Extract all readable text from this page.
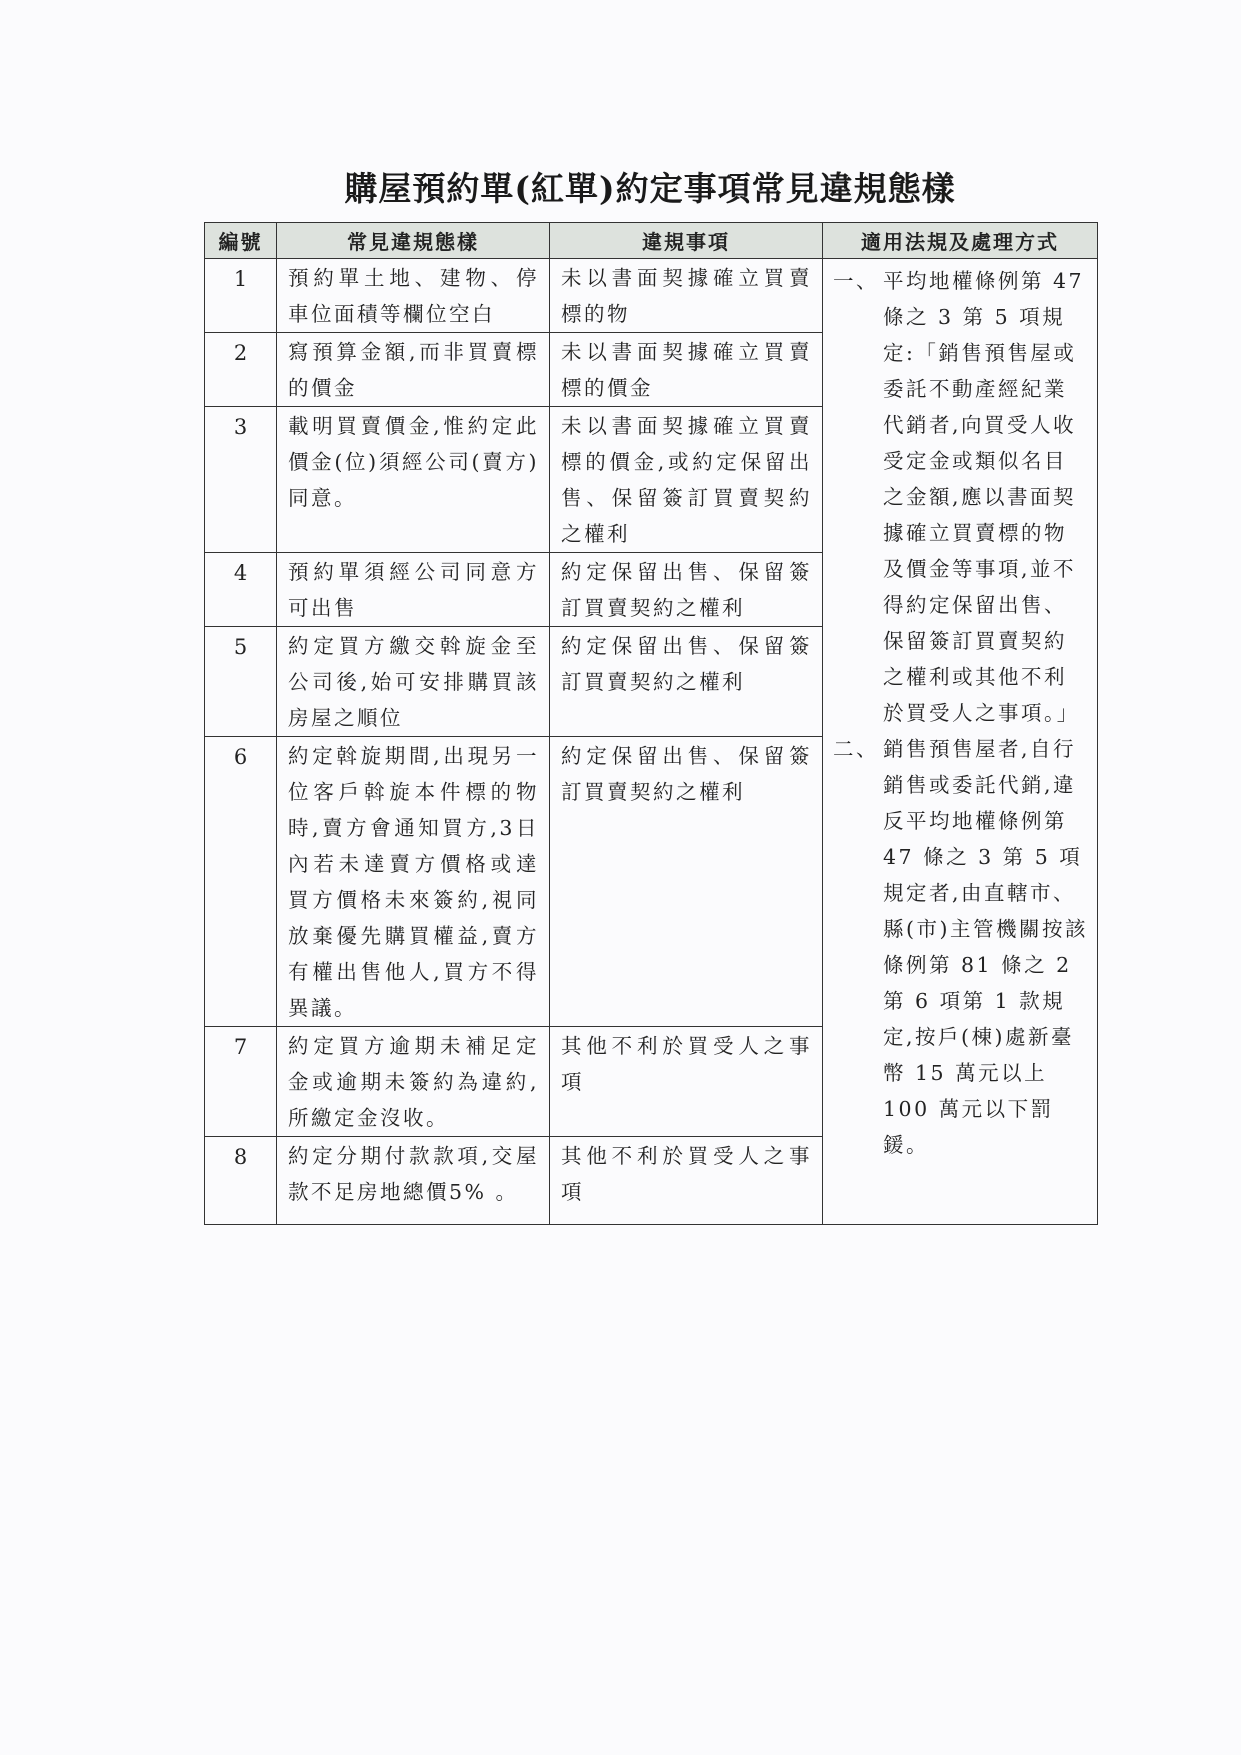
購屋預約單(紅單)約定事項常見違規態樣
編號	常見違規態樣	違規事項	適用法規及處理方式
1	預約單土地、建物、停車位面積等欄位空白	未以書面契據確立買賣標的物	一、 平均地權條例第 47 條之 3 第 5 項規定:「銷售預售屋或委託不動產經紀業代銷者,向買受人收受定金或類似名目之金額,應以書面契據確立買賣標的物及價金等事項,並不得約定保留出售、保留簽訂買賣契約之權利或其他不利於買受人之事項。」
二、 銷售預售屋者,自行銷售或委託代銷,違反平均地權條例第 47 條之 3 第 5 項規定者,由直轄市、縣(市)主管機關按該條例第 81 條之 2 第 6 項第 1 款規定,按戶(棟)處新臺幣 15 萬元以上 100 萬元以下罰鍰。

2	寫預算金額,而非買賣標的價金	未以書面契據確立買賣標的價金	
3	載明買賣價金,惟約定此價金(位)須經公司(賣方)同意。	未以書面契據確立買賣標的價金,或約定保留出售、保留簽訂買賣契約之權利	
4	預約單須經公司同意方可出售	約定保留出售、保留簽訂買賣契約之權利	
5	約定買方繳交斡旋金至公司後,始可安排購買該房屋之順位	約定保留出售、保留簽訂買賣契約之權利	
6	約定斡旋期間,出現另一位客戶斡旋本件標的物時,賣方會通知買方,3日內若未達賣方價格或達買方價格未來簽約,視同放棄優先購買權益,賣方有權出售他人,買方不得異議。	約定保留出售、保留簽訂買賣契約之權利	
7	約定買方逾期未補足定金或逾期未簽約為違約,所繳定金沒收。	其他不利於買受人之事項	
8	約定分期付款款項,交屋款不足房地總價5% 。	其他不利於買受人之事項	
